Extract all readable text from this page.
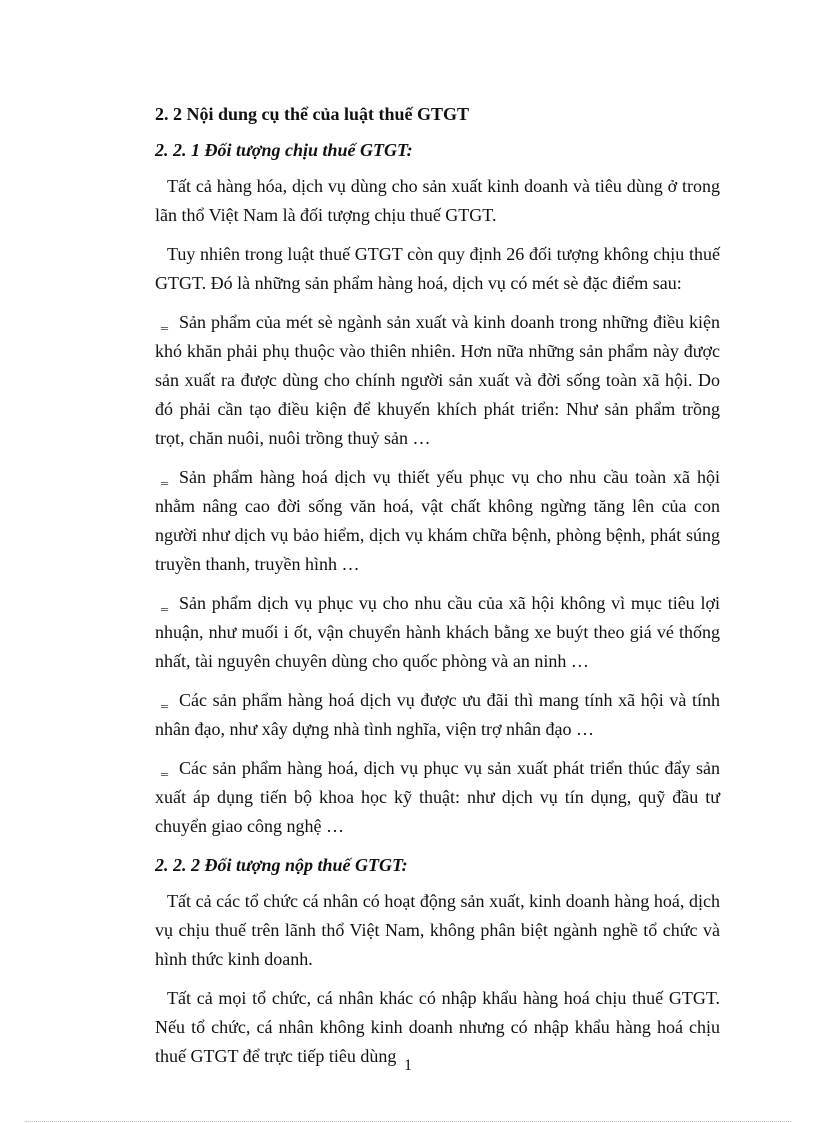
2. 2 Nội dung cụ thể của luật thuế GTGT

2. 2. 1 Đối tượng chịu thuế GTGT:

Tất cả hàng hóa, dịch vụ dùng cho sản xuất kinh doanh và tiêu dùng ở trong lãn thổ Việt Nam là đối tượng chịu thuế GTGT.

Tuy nhiên trong luật thuế GTGT còn quy định 26 đối tượng không chịu thuế GTGT. Đó là những sản phẩm hàng hoá, dịch vụ có mét sè đặc điểm sau:

‗ Sản phẩm của mét sè ngành sản xuất và kinh doanh trong những điều kiện khó khăn phải phụ thuộc vào thiên nhiên. Hơn nữa những sản phẩm này được sản xuất ra được dùng cho chính người sản xuất và đời sống toàn xã hội. Do đó phải cần tạo điều kiện để khuyến khích phát triển: Như sản phẩm trồng trọt, chăn nuôi, nuôi trồng thuỷ sản …

‗ Sản phẩm hàng hoá dịch vụ thiết yếu phục vụ cho nhu cầu toàn xã hội nhằm nâng cao đời sống văn hoá, vật chất không ngừng tăng lên của con người như dịch vụ bảo hiểm, dịch vụ khám chữa bệnh, phòng bệnh, phát súng truyền thanh, truyền hình …

‗ Sản phẩm dịch vụ phục vụ cho nhu cầu của xã hội không vì mục tiêu lợi nhuận, như muối i ốt, vận chuyển hành khách bằng xe buýt theo giá vé thống nhất, tài nguyên chuyên dùng cho quốc phòng và an ninh …

‗ Các sản phẩm hàng hoá dịch vụ được ưu đãi thì mang tính xã hội và tính nhân đạo, như xây dựng nhà tình nghĩa, viện trợ nhân đạo …

‗ Các sản phẩm hàng hoá, dịch vụ phục vụ sản xuất phát triển thúc đẩy sản xuất áp dụng tiến bộ khoa học kỹ thuật: như dịch vụ tín dụng, quỹ đầu tư chuyển giao công nghệ …

2. 2. 2 Đối tượng nộp thuế GTGT:

Tất cả các tổ chức cá nhân có hoạt động sản xuất, kinh doanh hàng hoá, dịch vụ chịu thuế trên lãnh thổ Việt Nam, không phân biệt ngành nghề tổ chức và hình thức kinh doanh.

Tất cả mọi tổ chức, cá nhân khác có nhập khẩu hàng hoá chịu thuế GTGT. Nếu tổ chức, cá nhân không kinh doanh nhưng có nhập khẩu hàng hoá chịu thuế GTGT để trực tiếp tiêu dùng 1
